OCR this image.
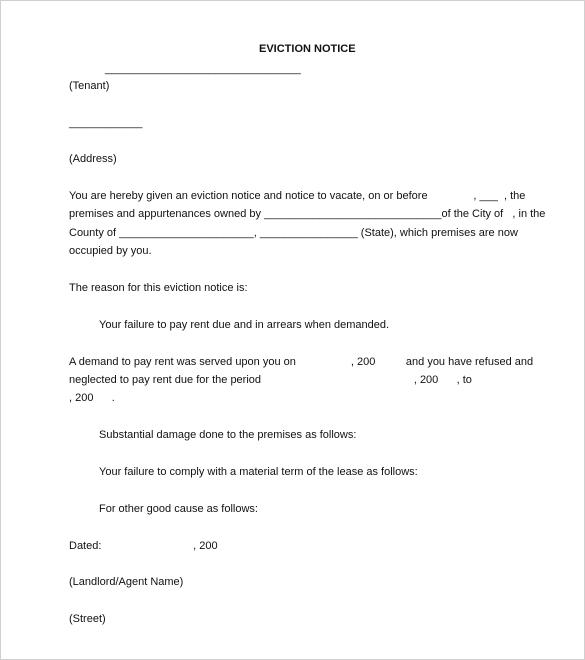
EVICTION NOTICE
________________________________
(Tenant)
____________
(Address)
You are hereby given an eviction notice and notice to vacate, on or before               , ___  , the
premises and appurtenances owned by _____________________________of the City of   , in the
County of ______________________, ________________ (State), which premises are now
occupied by you.
The reason for this eviction notice is:
Your failure to pay rent due and in arrears when demanded.
A demand to pay rent was served upon you on                  , 200          and you have refused and
neglected to pay rent due for the period                                                  , 200      , to
, 200      .
Substantial damage done to the premises as follows:
Your failure to comply with a material term of the lease as follows:
For other good cause as follows:
Dated:                              , 200
(Landlord/Agent Name)
(Street)
